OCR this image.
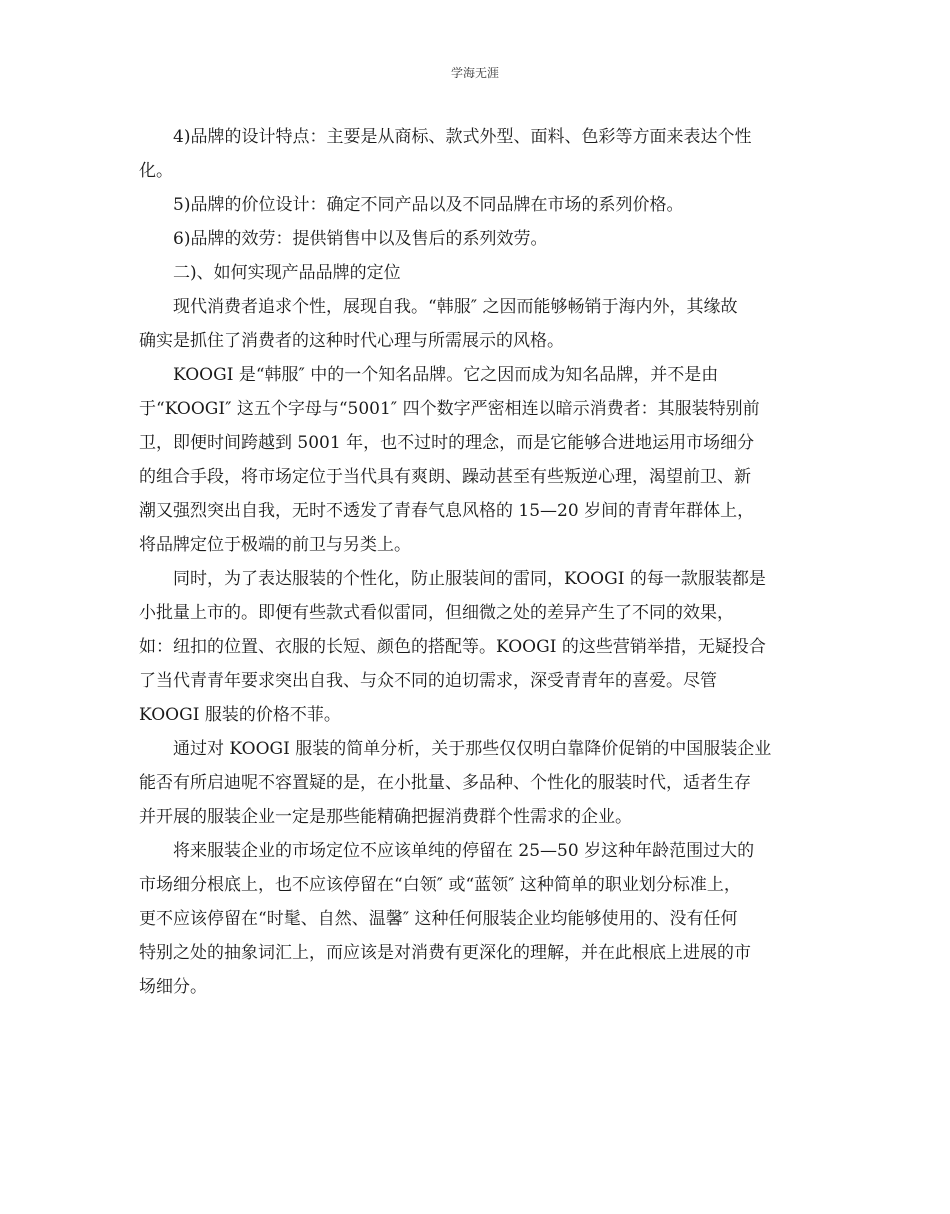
学海无涯

4)品牌的设计特点：主要是从商标、款式外型、面料、色彩等方面来表达个性
化。

5)品牌的价位设计：确定不同产品以及不同品牌在市场的系列价格。

6)品牌的效劳：提供销售中以及售后的系列效劳。

二)、如何实现产品品牌的定位

现代消费者追求个性，展现自我。“韩服″ 之因而能够畅销于海内外，其缘故
确实是抓住了消费者的这种时代心理与所需展示的风格。

KOOGI 是“韩服″ 中的一个知名品牌。它之因而成为知名品牌，并不是由
于“KOOGI″ 这五个字母与“5001″ 四个数字严密相连以暗示消费者：其服装特别前
卫，即便时间跨越到 5001 年，也不过时的理念，而是它能够合进地运用市场细分
的组合手段，将市场定位于当代具有爽朗、躁动甚至有些叛逆心理，渴望前卫、新
潮又强烈突出自我，无时不透发了青春气息风格的 15—20 岁间的青青年群体上，
将品牌定位于极端的前卫与另类上。

同时，为了表达服装的个性化，防止服装间的雷同，KOOGI 的每一款服装都是
小批量上市的。即便有些款式看似雷同，但细微之处的差异产生了不同的效果，
如：纽扣的位置、衣服的长短、颜色的搭配等。KOOGI 的这些营销举措，无疑投合
了当代青青年要求突出自我、与众不同的迫切需求，深受青青年的喜爱。尽管
KOOGI 服装的价格不菲。

通过对 KOOGI 服装的简单分析，关于那些仅仅明白靠降价促销的中国服装企业
能否有所启迪呢不容置疑的是，在小批量、多品种、个性化的服装时代，适者生存
并开展的服装企业一定是那些能精确把握消费群个性需求的企业。

将来服装企业的市场定位不应该单纯的停留在 25—50 岁这种年龄范围过大的
市场细分根底上，也不应该停留在“白领″ 或“蓝领″ 这种简单的职业划分标准上，
更不应该停留在“时髦、自然、温馨″ 这种任何服装企业均能够使用的、没有任何
特别之处的抽象词汇上，而应该是对消费有更深化的理解，并在此根底上进展的市
场细分。
